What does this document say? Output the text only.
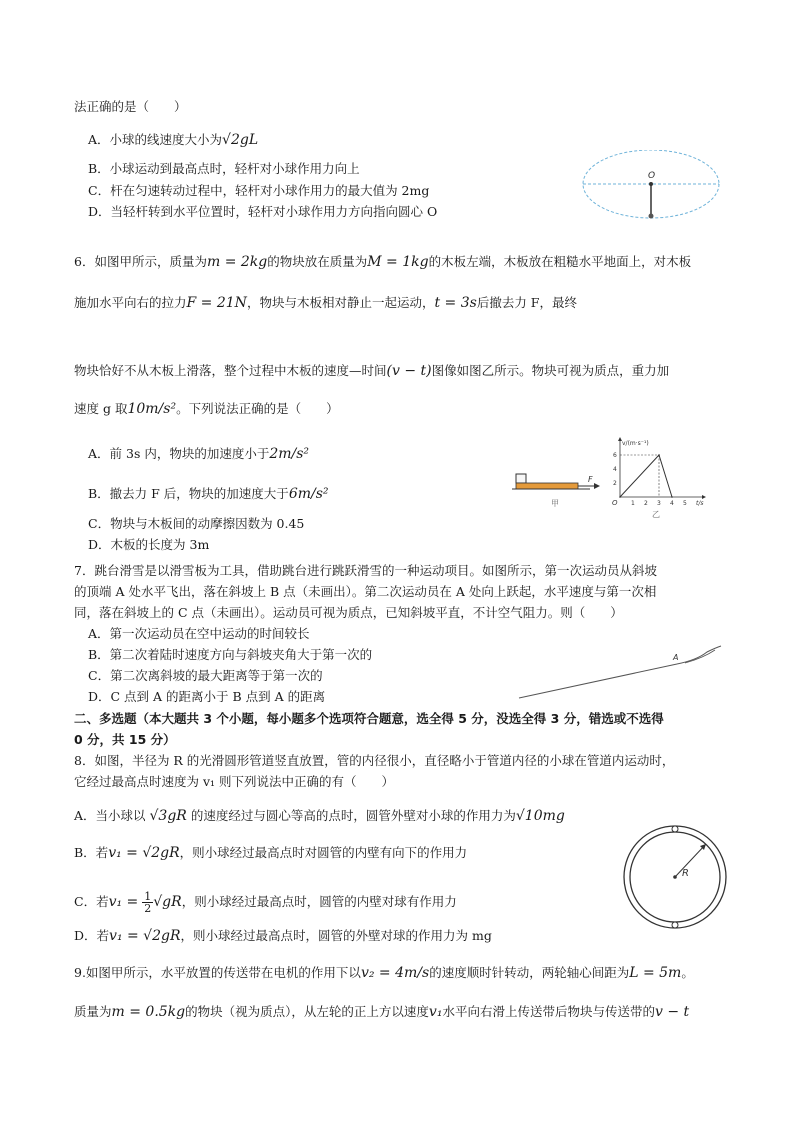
法正确的是（　　）
A．小球的线速度大小为√2gL
B．小球运动到最高点时，轻杆对小球作用力向上
C．杆在匀速转动过程中，轻杆对小球作用力的最大值为 2mg
D．当轻杆转到水平位置时，轻杆对小球作用力方向指向圆心 O
O
6．如图甲所示，质量为m = 2kg的物块放在质量为M = 1kg的木板左端，木板放在粗糙水平地面上，对木板
施加水平向右的拉力F = 21N，物块与木板相对静止一起运动，t = 3s后撤去力 F，最终
物块恰好不从木板上滑落，整个过程中木板的速度—时间(v − t)图像如图乙所示。物块可视为质点，重力加
速度 g 取10m/s²。下列说法正确的是（　　）
A．前 3s 内，物块的加速度小于2m/s²
B．撤去力 F 后，物块的加速度大于6m/s²
C．物块与木板间的动摩擦因数为 0.45
D．木板的长度为 3m
F
甲
v/(m·s⁻¹)
t/s
O 1 2 3 4 5
2
4
6
乙
7．跳台滑雪是以滑雪板为工具，借助跳台进行跳跃滑雪的一种运动项目。如图所示，第一次运动员从斜坡
的顶端 A 处水平飞出，落在斜坡上 B 点（未画出）。第二次运动员在 A 处向上跃起，水平速度与第一次相
同，落在斜坡上的 C 点（未画出）。运动员可视为质点，已知斜坡平直，不计空气阻力。则（　　）
A．第一次运动员在空中运动的时间较长
B．第二次着陆时速度方向与斜坡夹角大于第一次的
C．第二次离斜坡的最大距离等于第一次的
D．C 点到 A 的距离小于 B 点到 A 的距离
A
二、多选题（本大题共 3 个小题，每小题多个选项符合题意，选全得 5 分，没选全得 3 分，错选或不选得
0 分，共 15 分）
8．如图，半径为 R 的光滑圆形管道竖直放置，管的内径很小，直径略小于管道内径的小球在管道内运动时，
它经过最高点时速度为 v₁ 则下列说法中正确的有（　　）
A．当小球以 √3gR 的速度经过与圆心等高的点时，圆管外壁对小球的作用力为√10mg
B．若v₁ = √2gR，则小球经过最高点时对圆管的内壁有向下的作用力
C．若$v_1 = \frac{1}{2} √gR$，则小球经过最高点时，圆管的内壁对球有作用力
D．若v₁ = √2gR，则小球经过最高点时，圆管的外壁对球的作用力为 mg
R
9.如图甲所示，水平放置的传送带在电机的作用下以v₂ = 4m/s的速度顺时针转动，两轮轴心间距为L = 5m。
质量为m = 0.5kg的物块（视为质点），从左轮的正上方以速度v₁水平向右滑上传送带后物块与传送带的v − t
